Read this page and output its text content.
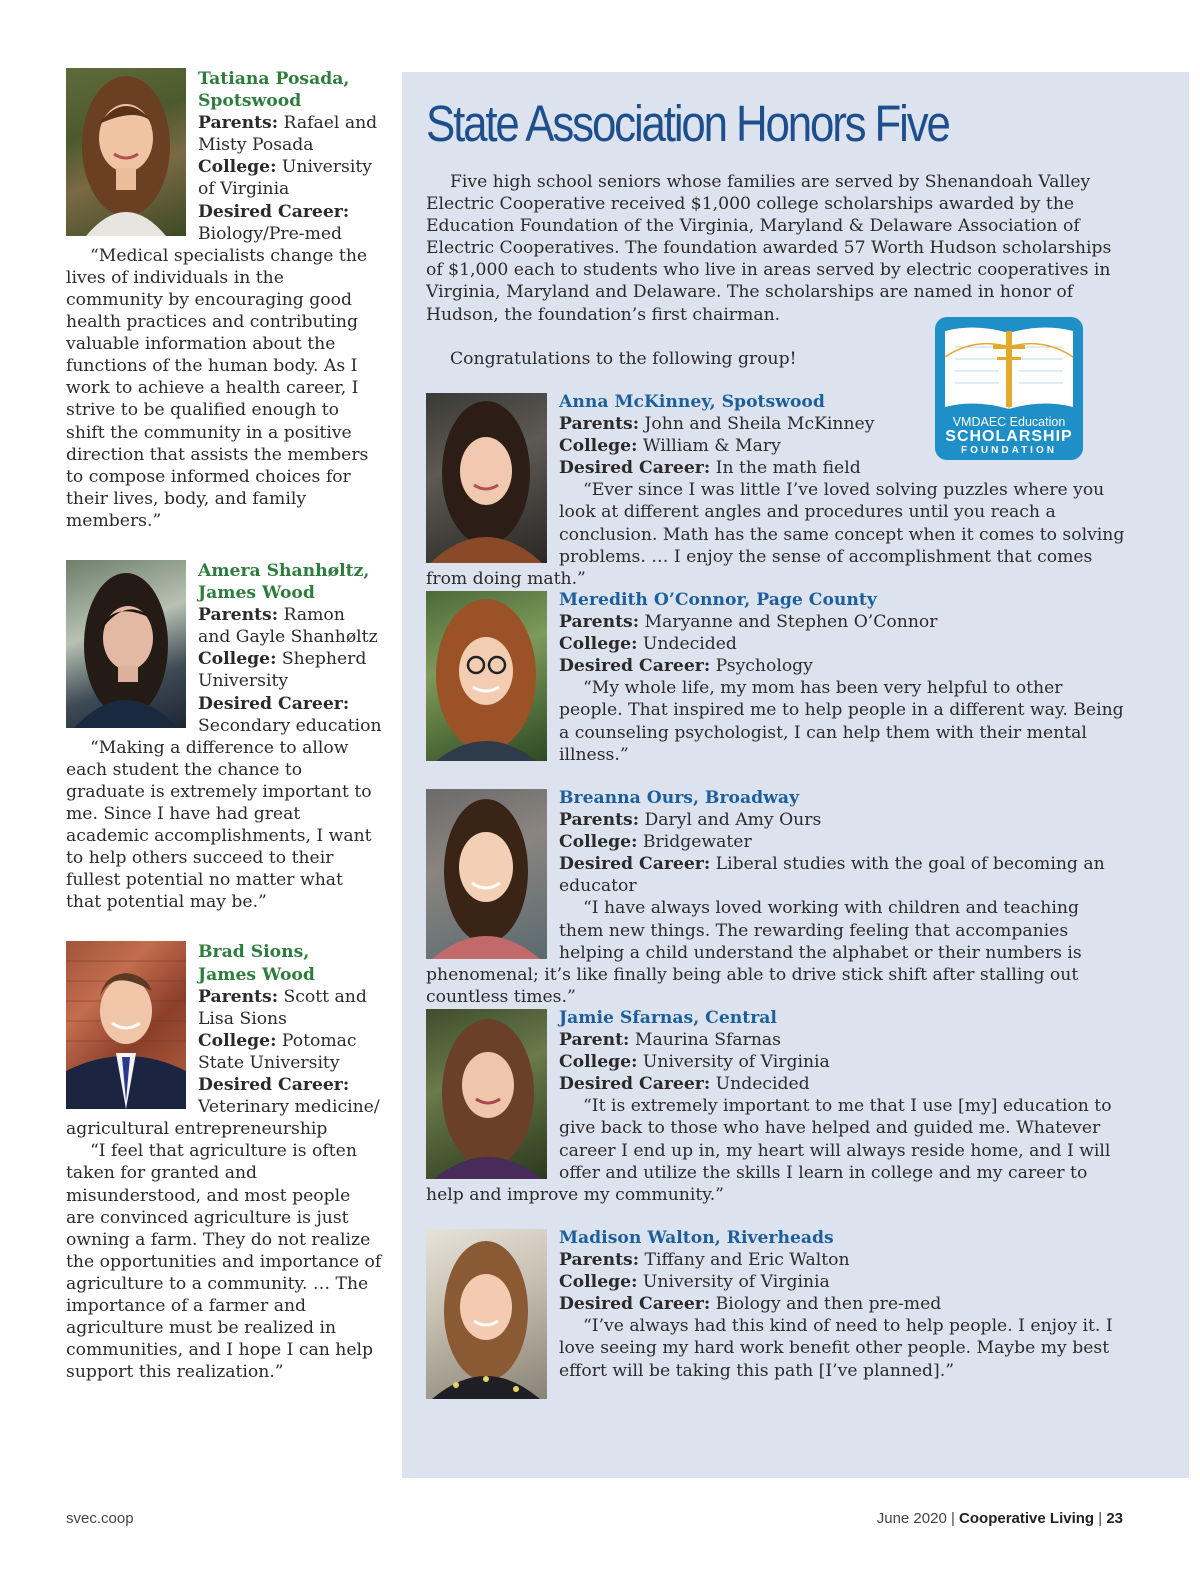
Tatiana Posada,
Spotswood
Parents: Rafael and Misty Posada
College: University of Virginia
Desired Career: Biology/Pre-med
“Medical specialists change the lives of individuals in the community by encouraging good health practices and contributing valuable information about the functions of the human body. As I work to achieve a health career, I strive to be qualified enough to shift the community in a positive direction that assists the members to compose informed choices for their lives, body, and family members.”
Amera Shanhøltz,
James Wood
Parents: Ramon and Gayle Shanhøltz
College: Shepherd University
Desired Career: Secondary education
“Making a difference to allow each student the chance to graduate is extremely important to me. Since I have had great academic accomplishments, I want to help others succeed to their fullest potential no matter what that potential may be.”
Brad Sions,
James Wood
Parents: Scott and Lisa Sions
College: Potomac State University
Desired Career: Veterinary medicine/ agricultural entrepreneurship
“I feel that agriculture is often taken for granted and misunderstood, and most people are convinced agriculture is just owning a farm. They do not realize the opportunities and importance of agriculture to a community. … The importance of a farmer and agriculture must be realized in communities, and I hope I can help support this realization.”
State Association Honors Five

Five high school seniors whose families are served by Shenandoah Valley Electric Cooperative received $1,000 college scholarships awarded by the Education Foundation of the Virginia, Maryland & Delaware Association of Electric Cooperatives. The foundation awarded 57 Worth Hudson scholarships of $1,000 each to students who live in areas served by electric cooperatives in Virginia, Maryland and Delaware. The scholarships are named in honor of Hudson, the foundation’s first chairman.

Congratulations to the following group!

VMDAEC Education
SCHOLARSHIP
FOUNDATION
Anna McKinney, Spotswood
Parents: John and Sheila McKinney
College: William & Mary
Desired Career: In the math field
“Ever since I was little I’ve loved solving puzzles where you look at different angles and procedures until you reach a conclusion. Math has the same concept when it comes to solving problems. … I enjoy the sense of accomplishment that comes from doing math.”
Meredith O’Connor, Page County
Parents: Maryanne and Stephen O’Connor
College: Undecided
Desired Career: Psychology
“My whole life, my mom has been very helpful to other people. That inspired me to help people in a different way. Being a counseling psychologist, I can help them with their mental illness.”
Breanna Ours, Broadway
Parents: Daryl and Amy Ours
College: Bridgewater
Desired Career: Liberal studies with the goal of becoming an educator
“I have always loved working with children and teaching them new things. The rewarding feeling that accompanies helping a child understand the alphabet or their numbers is phenomenal; it’s like finally being able to drive stick shift after stalling out countless times.”
Jamie Sfarnas, Central
Parent: Maurina Sfarnas
College: University of Virginia
Desired Career: Undecided
“It is extremely important to me that I use [my] education to give back to those who have helped and guided me. Whatever career I end up in, my heart will always reside home, and I will offer and utilize the skills I learn in college and my career to help and improve my community.”
Madison Walton, Riverheads
Parents: Tiffany and Eric Walton
College: University of Virginia
Desired Career: Biology and then pre-med
“I’ve always had this kind of need to help people. I enjoy it. I love seeing my hard work benefit other people. Maybe my best effort will be taking this path [I’ve planned].”
svec.coop	June 2020 | Cooperative Living | 23
